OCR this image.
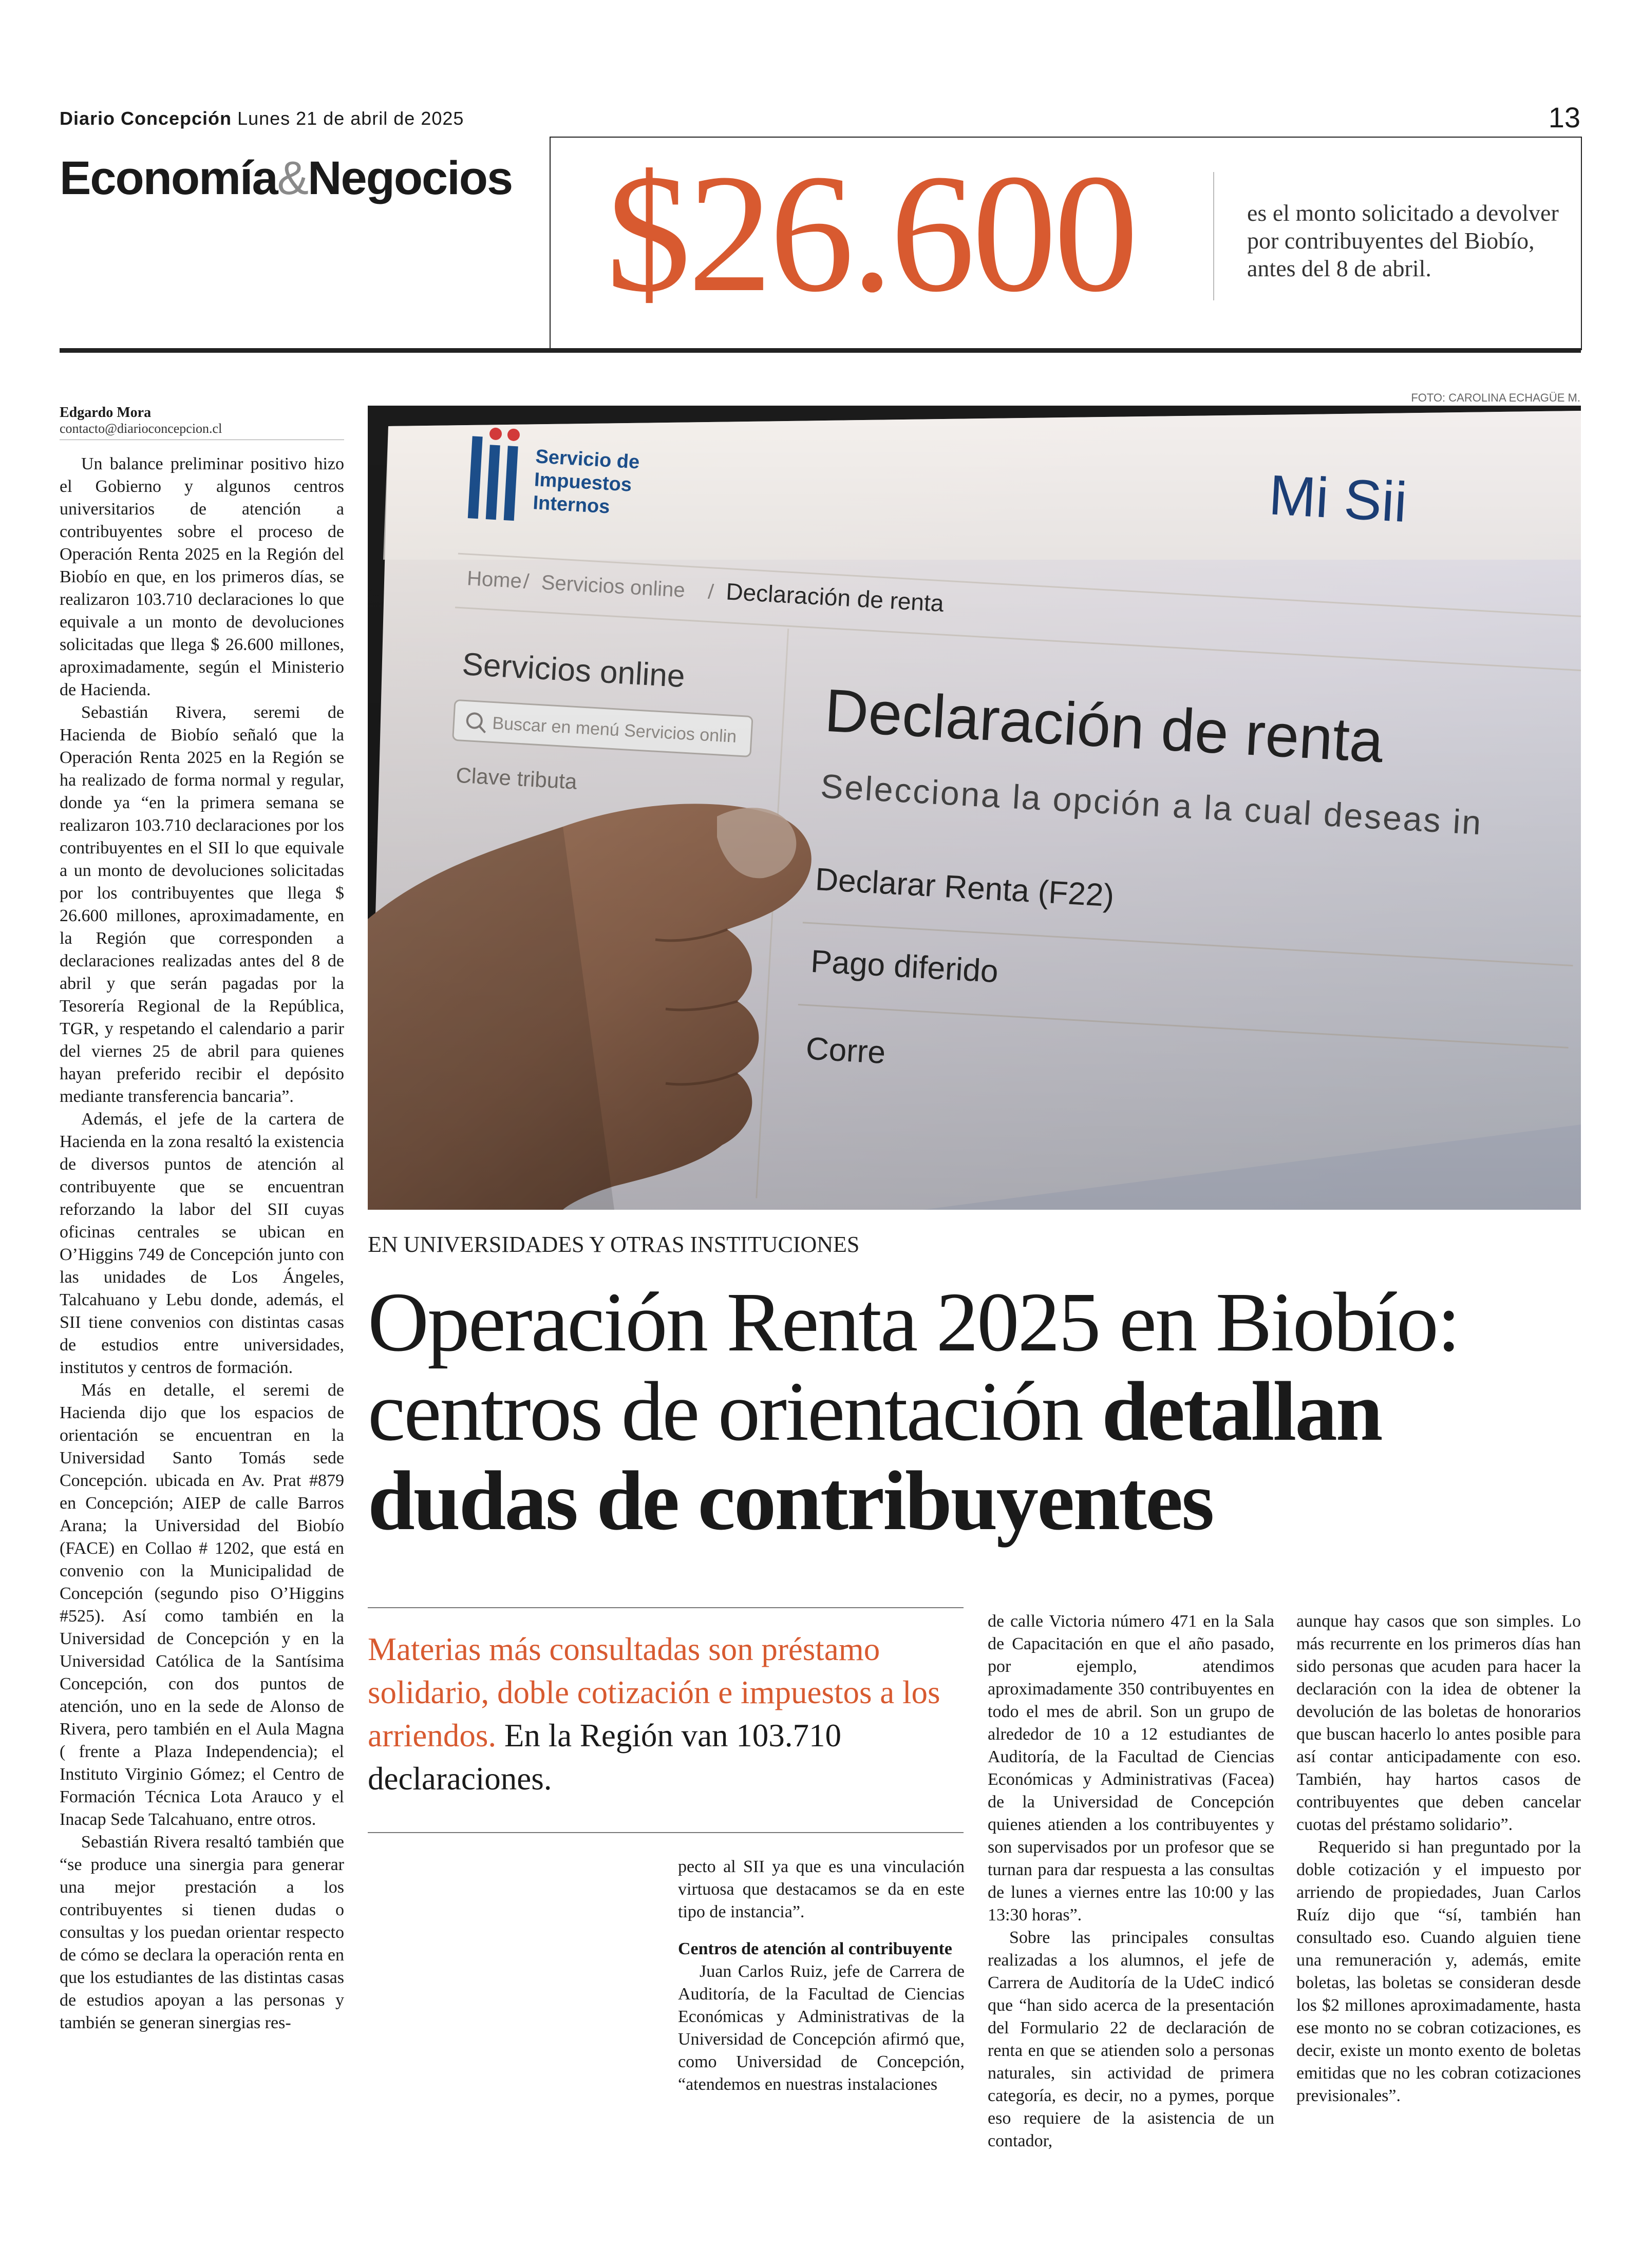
Diario Concepción Lunes 21 de abril de 2025	13
Economía&Negocios $26.600	es el monto solicitado a devolver por contribuyentes del Biobío, antes del 8 de abril.
Edgardo Mora
contacto@diarioconcepcion.cl
FOTO: CAROLINA ECHAGÜE M.
EN UNIVERSIDADES Y OTRAS INSTITUCIONES
Operación Renta 2025 en Biobío:
centros de orientación detallan
dudas de contribuyentes
Materias más consultadas son préstamo solidario, doble cotización e impuestos a los arriendos. En la Región van 103.710 declaraciones.

Un balance preliminar positivo hizo el Gobierno y algunos centros universitarios de atención a contribuyentes sobre el proceso de Operación Renta 2025 en la Región del Biobío en que, en los primeros días, se realizaron 103.710 declaraciones lo que equivale a un monto de devoluciones solicitadas que llega $ 26.600 millones, aproximadamente, según el Ministerio de Hacienda.

Sebastián Rivera, seremi de Hacienda de Biobío señaló que la Operación Renta 2025 en la Región se ha realizado de forma normal y regular, donde ya “en la primera semana se realizaron 103.710 declaraciones por los contribuyentes en el SII lo que equivale a un monto de devoluciones solicitadas por los contribuyentes que llega $ 26.600 millones, aproximadamente, en la Región que corresponden a declaraciones realizadas antes del 8 de abril y que serán pagadas por la Tesorería Regional de la República, TGR, y respetando el calendario a parir del viernes 25 de abril para quienes hayan preferido recibir el depósito mediante transferencia bancaria”.

Además, el jefe de la cartera de Hacienda en la zona resaltó la existencia de diversos puntos de atención al contribuyente que se encuentran reforzando la labor del SII cuyas oficinas centrales se ubican en O’Higgins 749 de Concepción junto con las unidades de Los Ángeles, Talcahuano y Lebu donde, además, el SII tiene convenios con distintas casas de estudios entre universidades, institutos y centros de formación.

Más en detalle, el seremi de Hacienda dijo que los espacios de orientación se encuentran en la Universidad Santo Tomás sede Concepción. ubicada en Av. Prat #879 en Concepción; AIEP de calle Barros Arana; la Universidad del Biobío (FACE) en Collao # 1202, que está en convenio con la Municipalidad de Concepción (segundo piso O’Higgins #525). Así como también en la Universidad de Concepción y en la Universidad Católica de la Santísima Concepción, con dos puntos de atención, uno en la sede de Alonso de Rivera, pero también en el Aula Magna ( frente a Plaza Independencia); el Instituto Virginio Gómez; el Centro de Formación Técnica Lota Arauco y el Inacap Sede Talcahuano, entre otros.

Sebastián Rivera resaltó también que “se produce una sinergia para generar una mejor prestación a los contribuyentes si tienen dudas o consultas y los puedan orientar respecto de cómo se declara la operación renta en que los estudiantes de las distintas casas de estudios apoyan a las personas y también se generan sinergias res-

pecto al SII ya que es una vinculación virtuosa que destacamos se da en este tipo de instancia”.

Centros de atención al contribuyente

Juan Carlos Ruiz, jefe de Carrera de Auditoría, de la Facultad de Ciencias Económicas y Administrativas de la Universidad de Concepción afirmó que, como Universidad de Concepción, “atendemos en nuestras instalaciones

de calle Victoria número 471 en la Sala de Capacitación en que el año pasado, por ejemplo, atendimos aproximadamente 350 contribuyentes en todo el mes de abril. Son un grupo de alrededor de 10 a 12 estudiantes de Auditoría, de la Facultad de Ciencias Económicas y Administrativas (Facea) de la Universidad de Concepción quienes atienden a los contribuyentes y son supervisados por un profesor que se turnan para dar respuesta a las consultas de lunes a viernes entre las 10:00 y las 13:30 horas”.

Sobre las principales consultas realizadas a los alumnos, el jefe de Carrera de Auditoría de la UdeC indicó que “han sido acerca de la presentación del Formulario 22 de declaración de renta en que se atienden solo a personas naturales, sin actividad de primera categoría, es decir, no a pymes, porque eso requiere de la asistencia de un contador,

aunque hay casos que son simples. Lo más recurrente en los primeros días han sido personas que acuden para hacer la declaración con la idea de obtener la devolución de las boletas de honorarios que buscan hacerlo lo antes posible para así contar anticipadamente con eso. También, hay hartos casos de contribuyentes que deben cancelar cuotas del préstamo solidario”.

Requerido si han preguntado por la doble cotización y el impuesto por arriendo de propiedades, Juan Carlos Ruíz dijo que “sí, también han consultado eso. Cuando alguien tiene una remuneración y, además, emite boletas, las boletas se consideran desde los $2 millones aproximadamente, hasta ese monto no se cobran cotizaciones, es decir, existe un monto exento de boletas emitidas que no les cobran cotizaciones previsionales”.
